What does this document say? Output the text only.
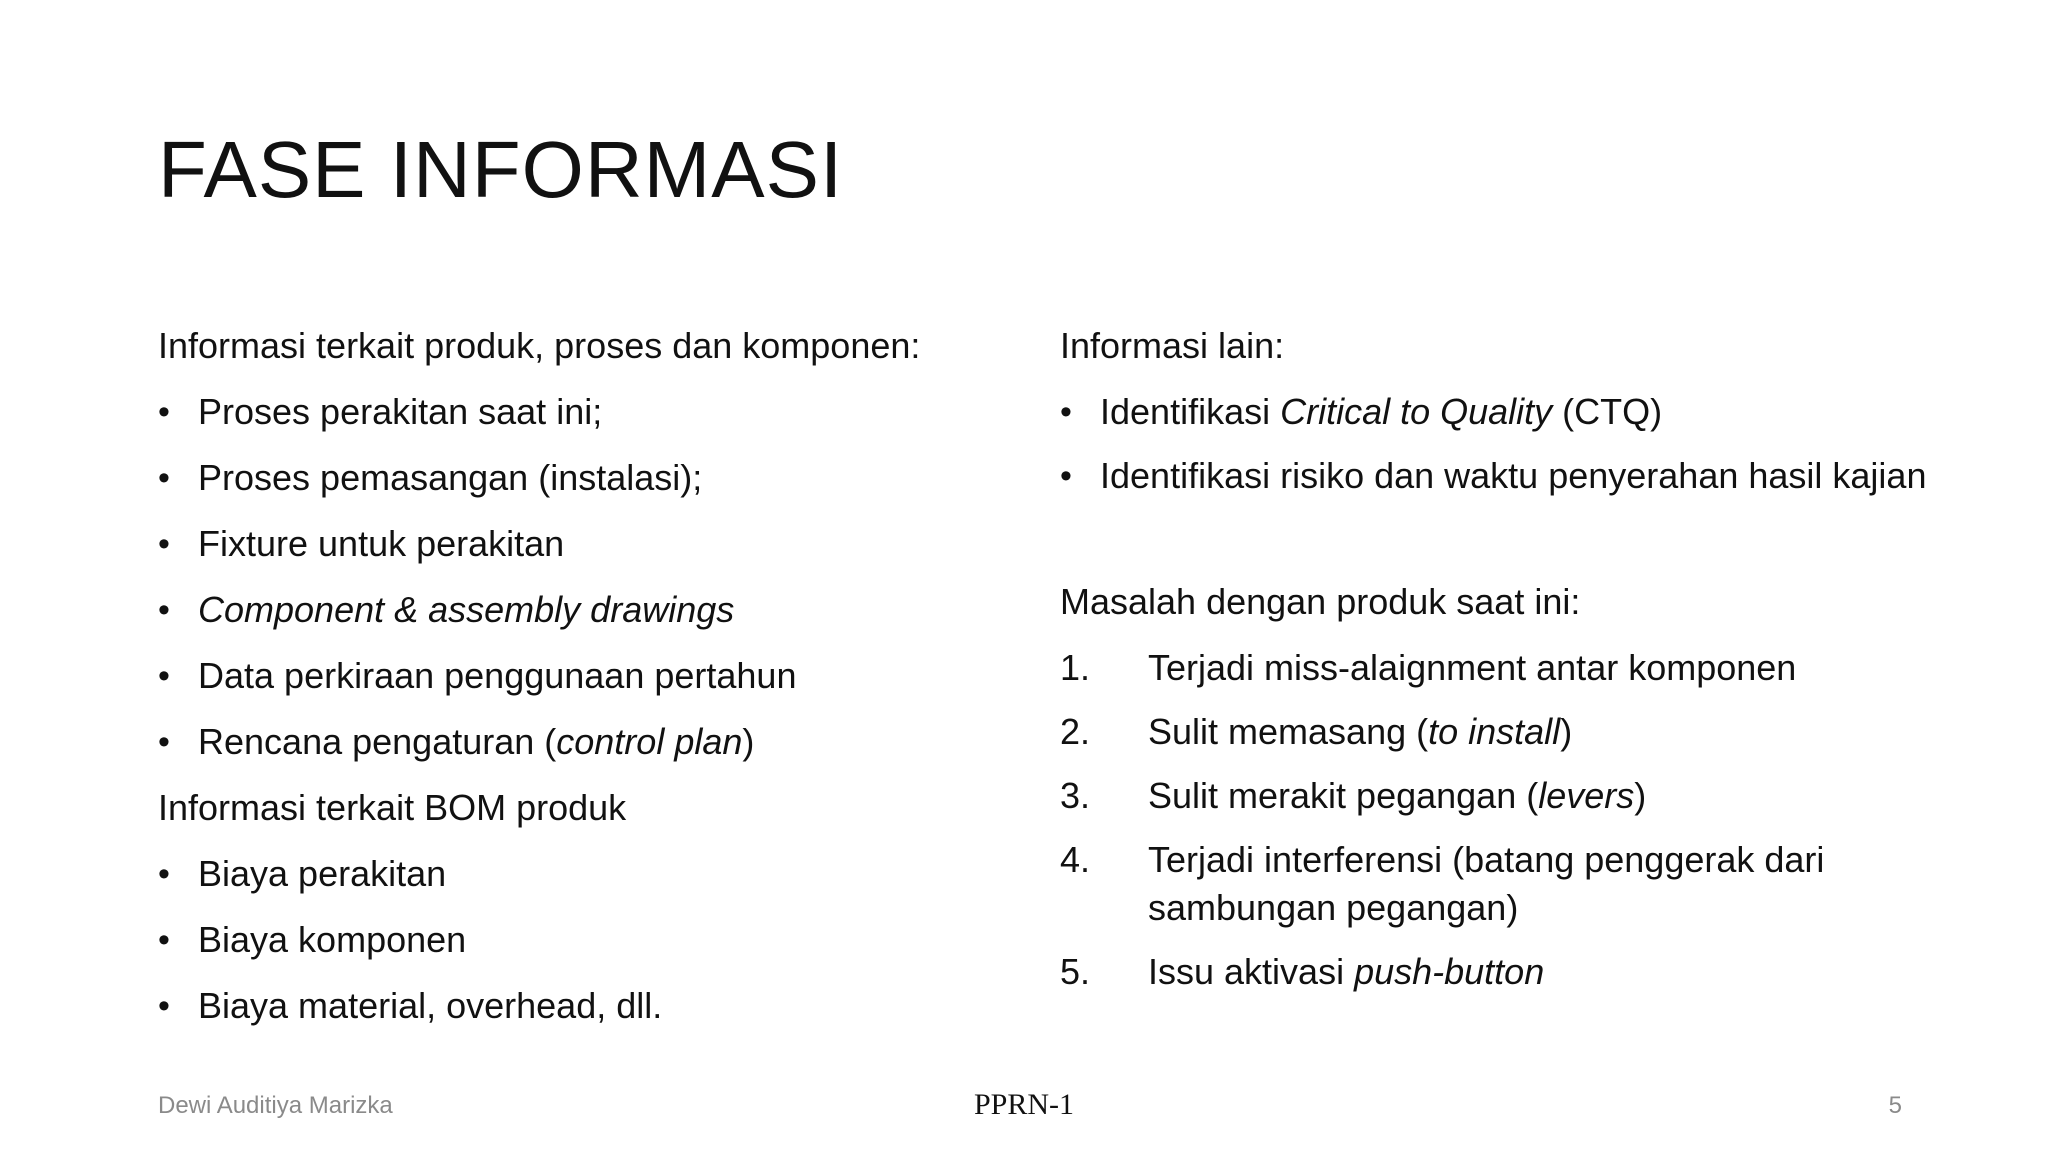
FASE INFORMASI
Informasi terkait produk, proses dan komponen:
• Proses perakitan saat ini;
• Proses pemasangan (instalasi);
• Fixture untuk perakitan
• Component & assembly drawings
• Data perkiraan penggunaan pertahun
• Rencana pengaturan (control plan)
Informasi terkait BOM produk
• Biaya perakitan
• Biaya komponen
• Biaya material, overhead, dll.
Informasi lain:
• Identifikasi Critical to Quality (CTQ)
• Identifikasi risiko dan waktu penyerahan hasil kajian
Masalah dengan produk saat ini:
1. Terjadi miss-alaignment antar komponen
2. Sulit memasang (to install)
3. Sulit merakit pegangan (levers)
4. Terjadi interferensi (batang penggerak dari sambungan pegangan)
5. Issu aktivasi push-button
Dewi Auditiya Marizka	PPRN-1	5
